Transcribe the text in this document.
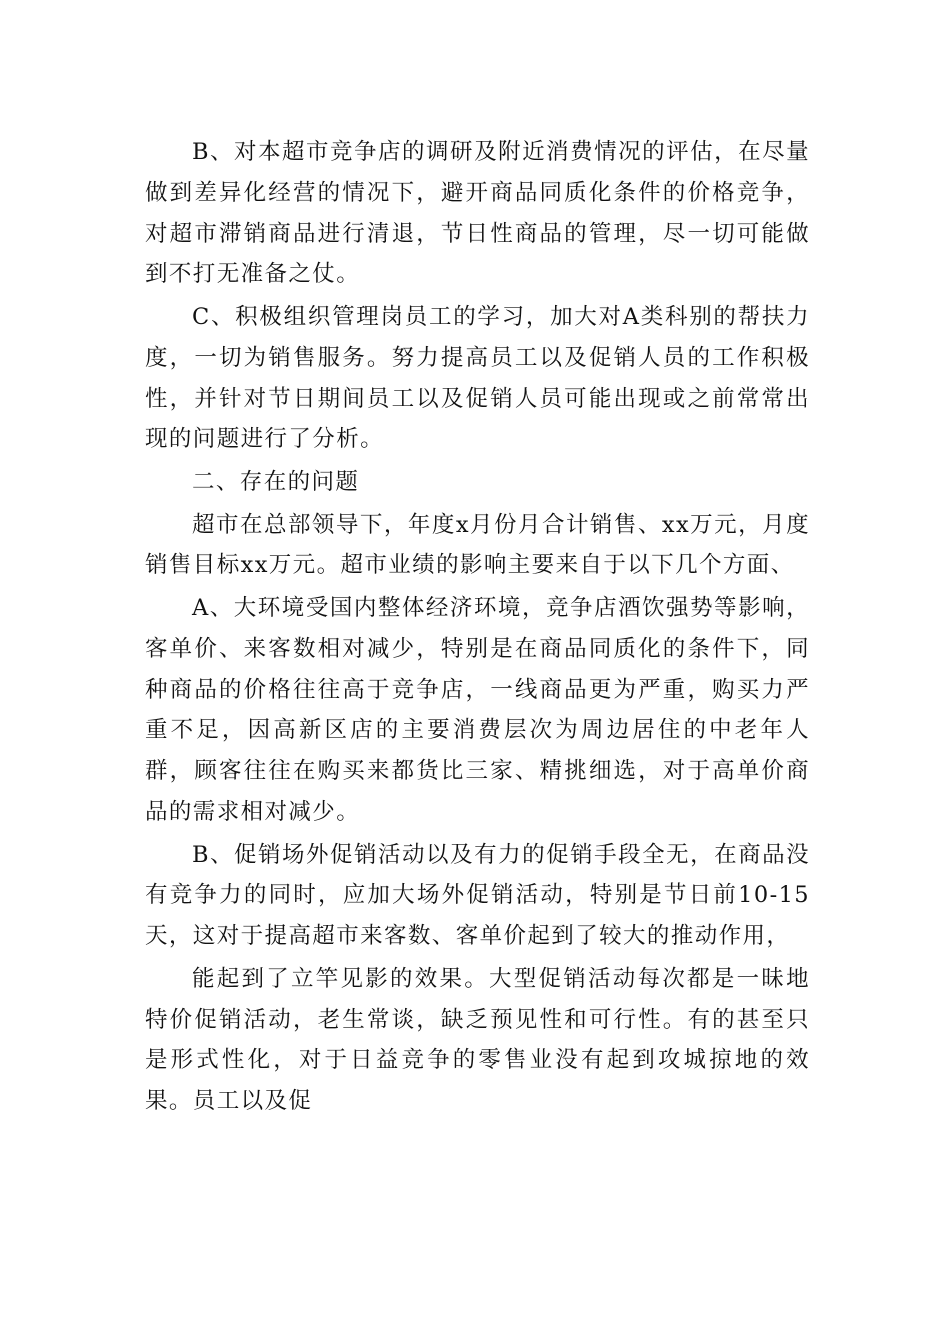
B、对本超市竞争店的调研及附近消费情况的评估，在尽量做到差异化经营的情况下，避开商品同质化条件的价格竞争，对超市滞销商品进行清退，节日性商品的管理，尽一切可能做到不打无准备之仗。

C、积极组织管理岗员工的学习，加大对A类科别的帮扶力度，一切为销售服务。努力提高员工以及促销人员的工作积极性，并针对节日期间员工以及促销人员可能出现或之前常常出现的问题进行了分析。

二、存在的问题

超市在总部领导下，年度x月份月合计销售、xx万元，月度销售目标xx万元。超市业绩的影响主要来自于以下几个方面、

A、大环境受国内整体经济环境，竞争店酒饮强势等影响，客单价、来客数相对减少，特别是在商品同质化的条件下，同种商品的价格往往高于竞争店，一线商品更为严重，购买力严重不足，因高新区店的主要消费层次为周边居住的中老年人群，顾客往往在购买来都货比三家、精挑细选，对于高单价商品的需求相对减少。

B、促销场外促销活动以及有力的促销手段全无，在商品没有竞争力的同时，应加大场外促销活动，特别是节日前10-15天，这对于提高超市来客数、客单价起到了较大的推动作用，

能起到了立竿见影的效果。大型促销活动每次都是一昧地特价促销活动，老生常谈，缺乏预见性和可行性。有的甚至只是形式性化，对于日益竞争的零售业没有起到攻城掠地的效果。员工以及促
